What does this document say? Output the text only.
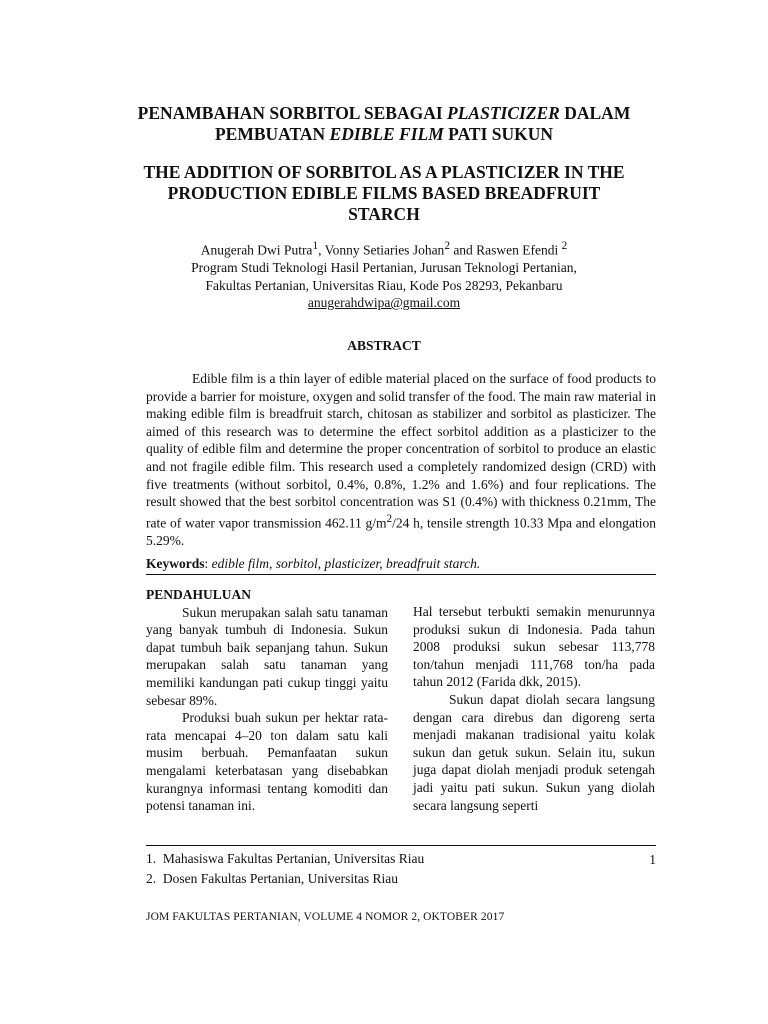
PENAMBAHAN SORBITOL SEBAGAI PLASTICIZER DALAM
PEMBUATAN EDIBLE FILM PATI SUKUN
THE ADDITION OF SORBITOL AS A PLASTICIZER IN THE
PRODUCTION EDIBLE FILMS BASED BREADFRUIT
STARCH
Anugerah Dwi Putra$^1$, Vonny Setiaries Johan$^2$ and Raswen Efendi $^2$
Program Studi Teknologi Hasil Pertanian, Jurusan Teknologi Pertanian,
Fakultas Pertanian, Universitas Riau, Kode Pos 28293, Pekanbaru
anugerahdwipa@gmail.com
ABSTRACT

Edible film is a thin layer of edible material placed on the surface of food products to provide a barrier for moisture, oxygen and solid transfer of the food. The main raw material in making edible film is breadfruit starch, chitosan as stabilizer and sorbitol as plasticizer. The aimed of this research was to determine the effect sorbitol addition as a plasticizer to the quality of edible film and determine the proper concentration of sorbitol to produce an elastic and not fragile edible film. This research used a completely randomized design (CRD) with five treatments (without sorbitol, 0.4%, 0.8%, 1.2% and 1.6%) and four replications. The result showed that the best sorbitol concentration was S1 (0.4%) with thickness 0.21mm, The rate of water vapor transmission 462.11 $g/m^2/24$ h, tensile strength 10.33 Mpa and elongation 5.29%.

Keywords: edible film, sorbitol, plasticizer, breadfruit starch.
PENDAHULUAN

Sukun merupakan salah satu tanaman yang banyak tumbuh di Indonesia. Sukun dapat tumbuh baik sepanjang tahun. Sukun merupakan salah satu tanaman yang memiliki kandungan pati cukup tinggi yaitu sebesar 89%.

Produksi buah sukun per hektar rata-rata mencapai 4–20 ton dalam satu kali musim berbuah. Pemanfaatan sukun mengalami keterbatasan yang disebabkan kurangnya informasi tentang komoditi dan potensi tanaman ini.

Hal tersebut terbukti semakin menurunnya produksi sukun di Indonesia. Pada tahun 2008 produksi sukun sebesar 113,778 ton/tahun menjadi 111,768 ton/ha pada tahun 2012 (Farida dkk, 2015).

Sukun dapat diolah secara langsung dengan cara direbus dan digoreng serta menjadi makanan tradisional yaitu kolak sukun dan getuk sukun. Selain itu, sukun juga dapat diolah menjadi produk setengah jadi yaitu pati sukun. Sukun yang diolah secara langsung seperti

1.  Mahasiswa Fakultas Pertanian, Universitas Riau
2.  Dosen Fakultas Pertanian, Universitas Riau
1
JOM FAKULTAS PERTANIAN, VOLUME 4 NOMOR 2, OKTOBER 2017
